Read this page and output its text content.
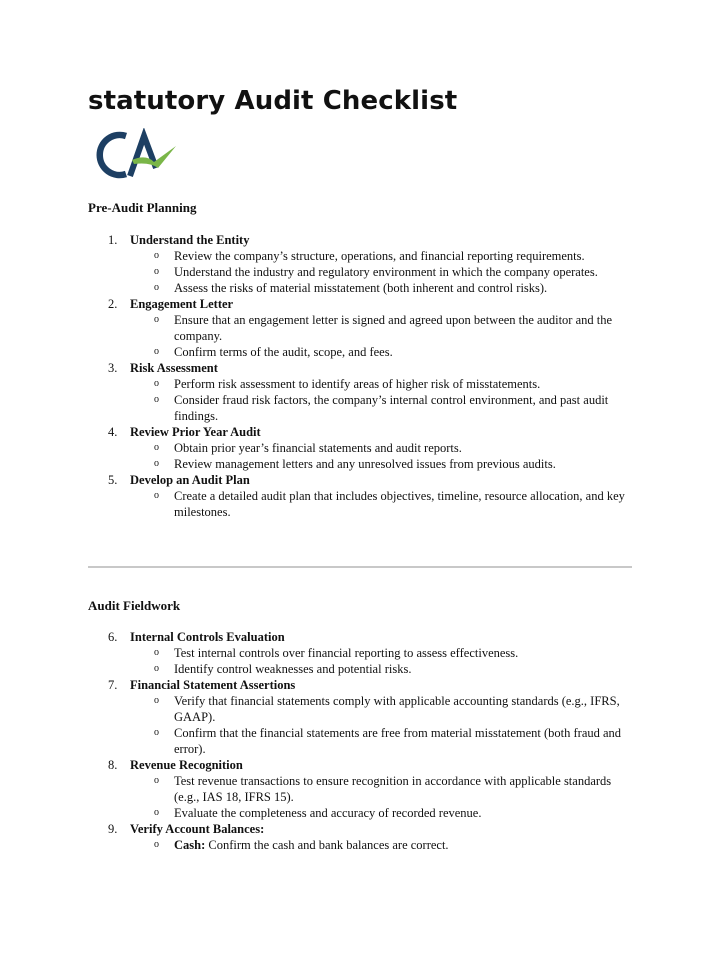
statutory Audit Checklist
Pre-Audit Planning
1.	Understand the Entity
o Review the company’s structure, operations, and financial reporting requirements.
o Understand the industry and regulatory environment in which the company operates.
o Assess the risks of material misstatement (both inherent and control risks).
2.	Engagement Letter
o Ensure that an engagement letter is signed and agreed upon between the auditor and the company.
o Confirm terms of the audit, scope, and fees.
3.	Risk Assessment
o Perform risk assessment to identify areas of higher risk of misstatements.
o Consider fraud risk factors, the company’s internal control environment, and past audit findings.
4.	Review Prior Year Audit
o Obtain prior year’s financial statements and audit reports.
o Review management letters and any unresolved issues from previous audits.
5.	Develop an Audit Plan
o Create a detailed audit plan that includes objectives, timeline, resource allocation, and key milestones.
Audit Fieldwork
6.	Internal Controls Evaluation
o Test internal controls over financial reporting to assess effectiveness.
o Identify control weaknesses and potential risks.
7.	Financial Statement Assertions
o Verify that financial statements comply with applicable accounting standards (e.g., IFRS, GAAP).
o Confirm that the financial statements are free from material misstatement (both fraud and error).
8.	Revenue Recognition
o Test revenue transactions to ensure recognition in accordance with applicable standards (e.g., IAS 18, IFRS 15).
o Evaluate the completeness and accuracy of recorded revenue.
9.	Verify Account Balances:
o Cash: Confirm the cash and bank balances are correct.
